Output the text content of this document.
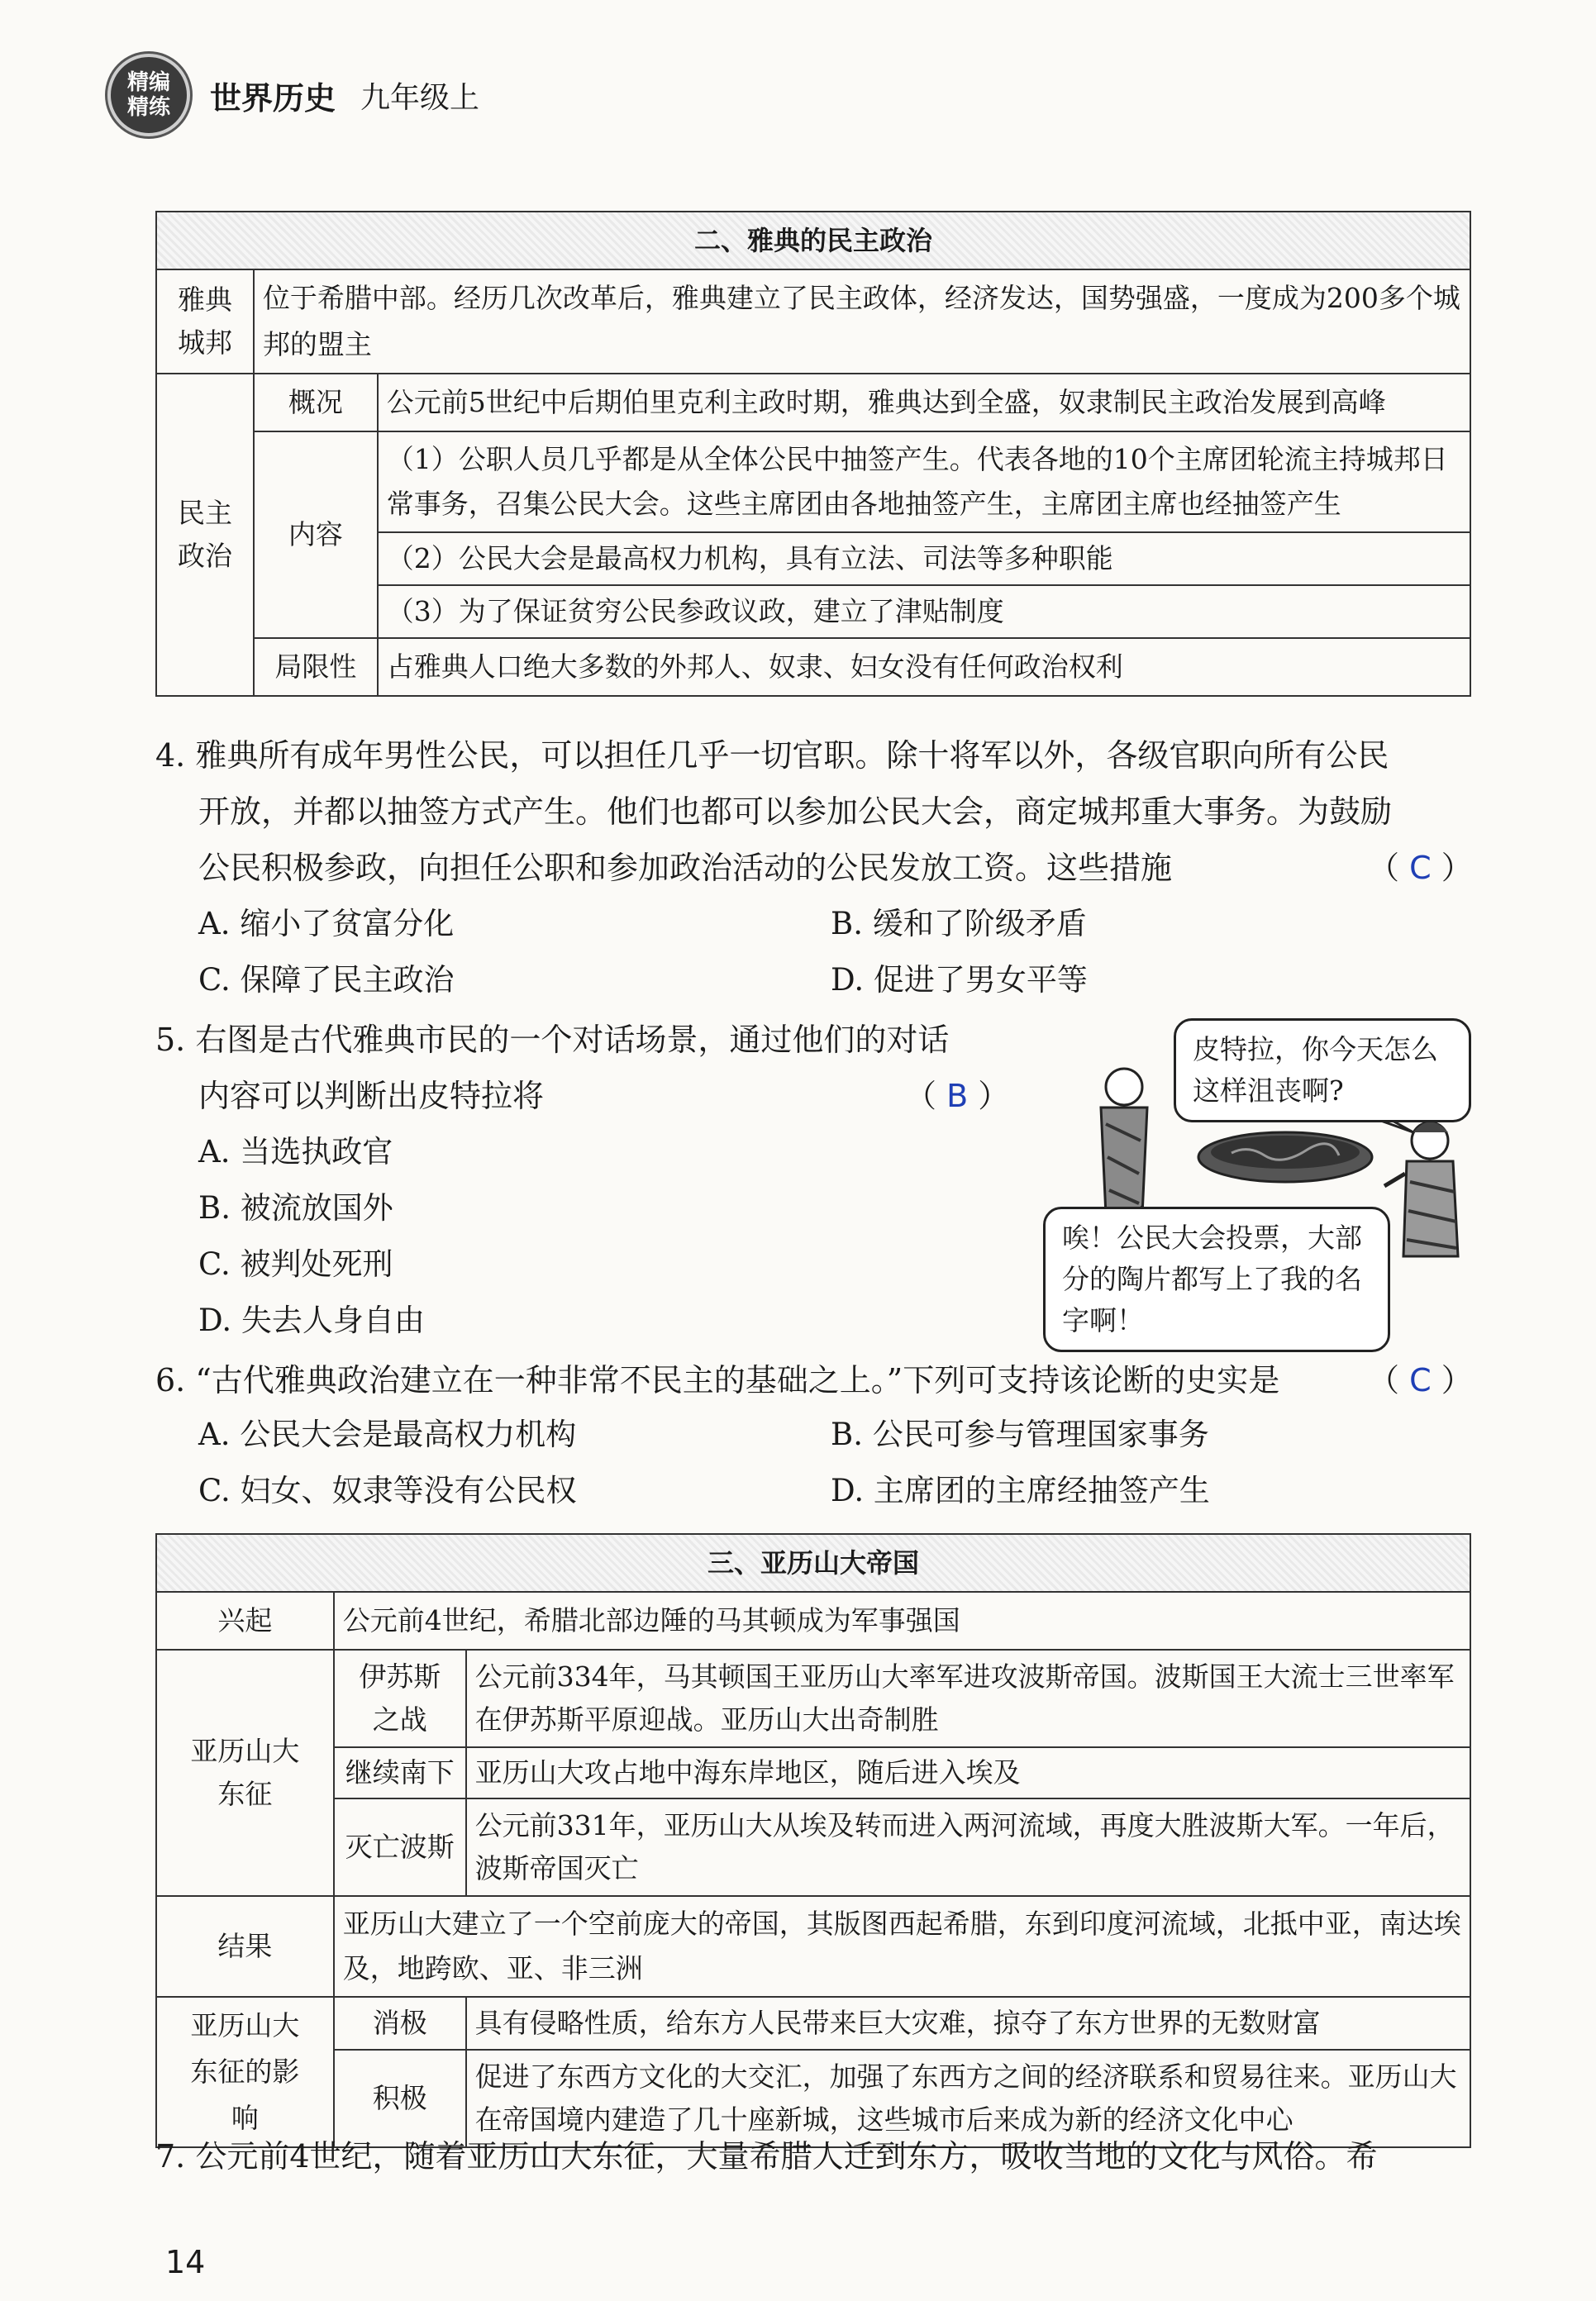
精编
精练 世界历史 九年级上
二、雅典的民主政治		
雅典城邦	位于希腊中部。经历几次改革后，雅典建立了民主政体，经济发达，国势强盛，一度成为200多个城邦的盟主	
民主政治	概况	公元前5世纪中后期伯里克利主政时期，雅典达到全盛，奴隶制民主政治发展到高峰
	内容	（1）公职人员几乎都是从全体公民中抽签产生。代表各地的10个主席团轮流主持城邦日常事务，召集公民大会。这些主席团由各地抽签产生，主席团主席也经抽签产生
		（2）公民大会是最高权力机构，具有立法、司法等多种职能
		（3）为了保证贫穷公民参政议政，建立了津贴制度
	局限性	占雅典人口绝大多数的外邦人、奴隶、妇女没有任何政治权利
4. 雅典所有成年男性公民，可以担任几乎一切官职。除十将军以外，各级官职向所有公民
开放，并都以抽签方式产生。他们也都可以参加公民大会，商定城邦重大事务。为鼓励
公民积极参政，向担任公职和参加政治活动的公民发放工资。这些措施	（ C ）
A. 缩小了贫富分化	B. 缓和了阶级矛盾
C. 保障了民主政治	D. 促进了男女平等
5. 右图是古代雅典市民的一个对话场景，通过他们的对话
内容可以判断出皮特拉将	（ B ）
A. 当选执政官
B. 被流放国外
C. 被判处死刑
D. 失去人身自由
皮特拉，你今天怎么这样沮丧啊?
唉！公民大会投票，大部分的陶片都写上了我的名字啊！
6. “古代雅典政治建立在一种非常不民主的基础之上。”下列可支持该论断的史实是	（ C ）
A. 公民大会是最高权力机构	B. 公民可参与管理国家事务
C. 妇女、奴隶等没有公民权	D. 主席团的主席经抽签产生
三、亚历山大帝国		
兴起	公元前4世纪，希腊北部边陲的马其顿成为军事强国	
亚历山大东征	伊苏斯之战	公元前334年，马其顿国王亚历山大率军进攻波斯帝国。波斯国王大流士三世率军在伊苏斯平原迎战。亚历山大出奇制胜
	继续南下	亚历山大攻占地中海东岸地区，随后进入埃及
	灭亡波斯	公元前331年，亚历山大从埃及转而进入两河流域，再度大胜波斯大军。一年后，波斯帝国灭亡
结果	亚历山大建立了一个空前庞大的帝国，其版图西起希腊，东到印度河流域，北抵中亚，南达埃及，地跨欧、亚、非三洲	
亚历山大东征的影响	消极	具有侵略性质，给东方人民带来巨大灾难，掠夺了东方世界的无数财富
	积极	促进了东西方文化的大交汇，加强了东西方之间的经济联系和贸易往来。亚历山大在帝国境内建造了几十座新城，这些城市后来成为新的经济文化中心
7. 公元前4世纪，随着亚历山大东征，大量希腊人迁到东方，吸收当地的文化与风俗。希
14
